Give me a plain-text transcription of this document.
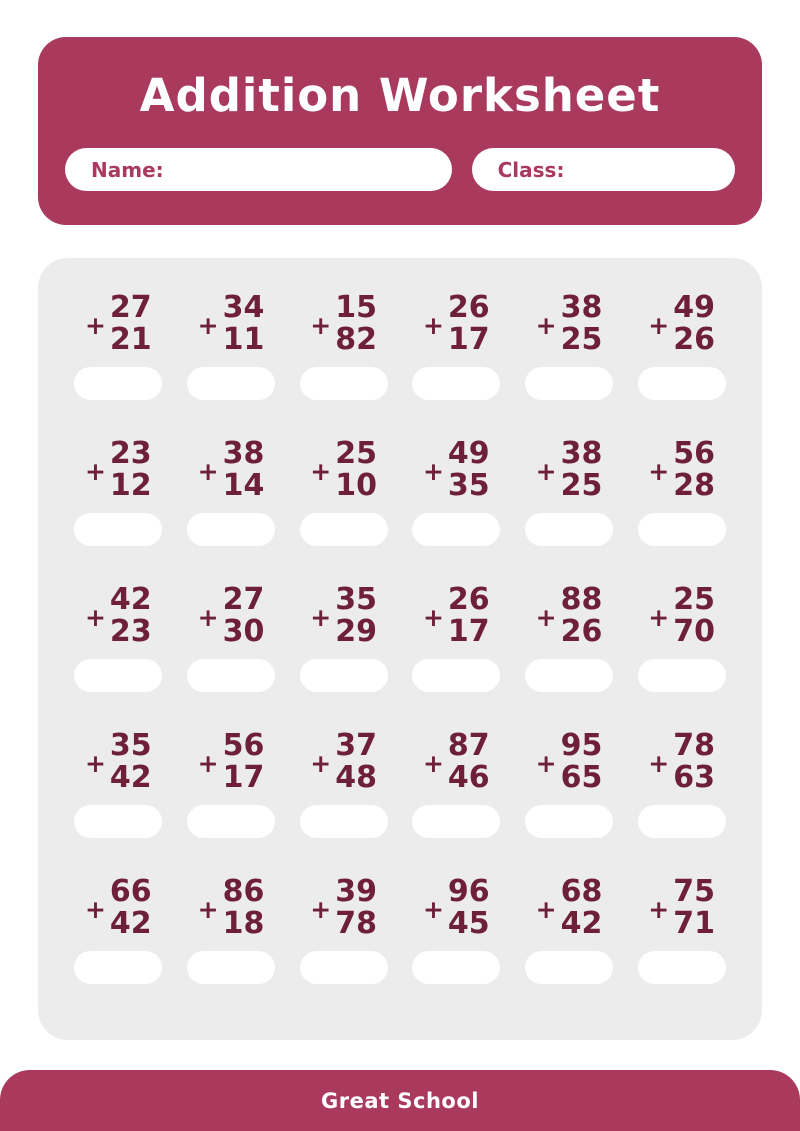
Addition Worksheet
Name:	Class:
+ 27
21 + 34
11 + 15
82 + 26
17 + 38
25 + 49
26
+ 23
12 + 38
14 + 25
10 + 49
35 + 38
25 + 56
28
+ 42
23 + 27
30 + 35
29 + 26
17 + 88
26 + 25
70
+ 35
42 + 56
17 + 37
48 + 87
46 + 95
65 + 78
63
+ 66
42 + 86
18 + 39
78 + 96
45 + 68
42 + 75
71
Great School
